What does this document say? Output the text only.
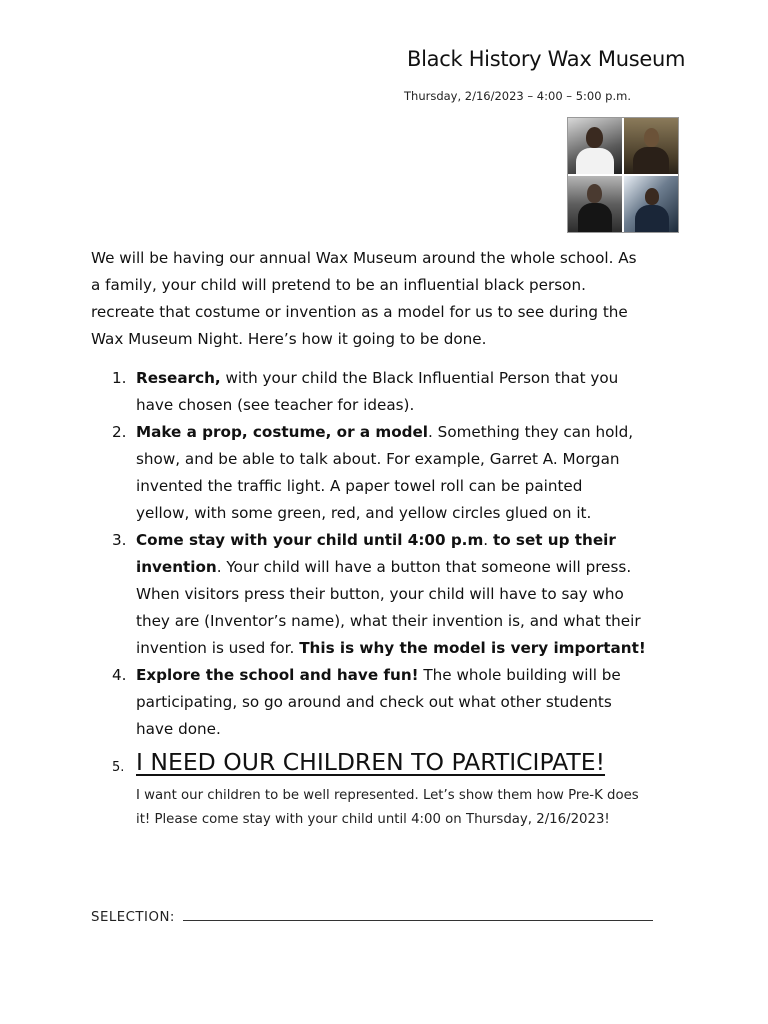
Black History Wax Museum
Thursday, 2/16/2023 – 4:00 – 5:00 p.m.
We will be having our annual Wax Museum around the whole school. As
a family, your child will pretend to be an influential black person.
recreate that costume or invention as a model for us to see during the
Wax Museum Night. Here’s how it going to be done.
1. Research, with your child the Black Influential Person that you
have chosen (see teacher for ideas).
2. Make a prop, costume, or a model. Something they can hold,
show, and be able to talk about. For example, Garret A. Morgan
invented the traffic light. A paper towel roll can be painted
yellow, with some green, red, and yellow circles glued on it.
3. Come stay with your child until 4:00 p.m. to set up their
invention. Your child will have a button that someone will press.
When visitors press their button, your child will have to say who
they are (Inventor’s name), what their invention is, and what their
invention is used for. This is why the model is very important!
4. Explore the school and have fun! The whole building will be
participating, so go around and check out what other students
have done.
5. I NEED OUR CHILDREN TO PARTICIPATE!
I want our children to be well represented. Let’s show them how Pre-K does
it! Please come stay with your child until 4:00 on Thursday, 2/16/2023!
SELECTION:
